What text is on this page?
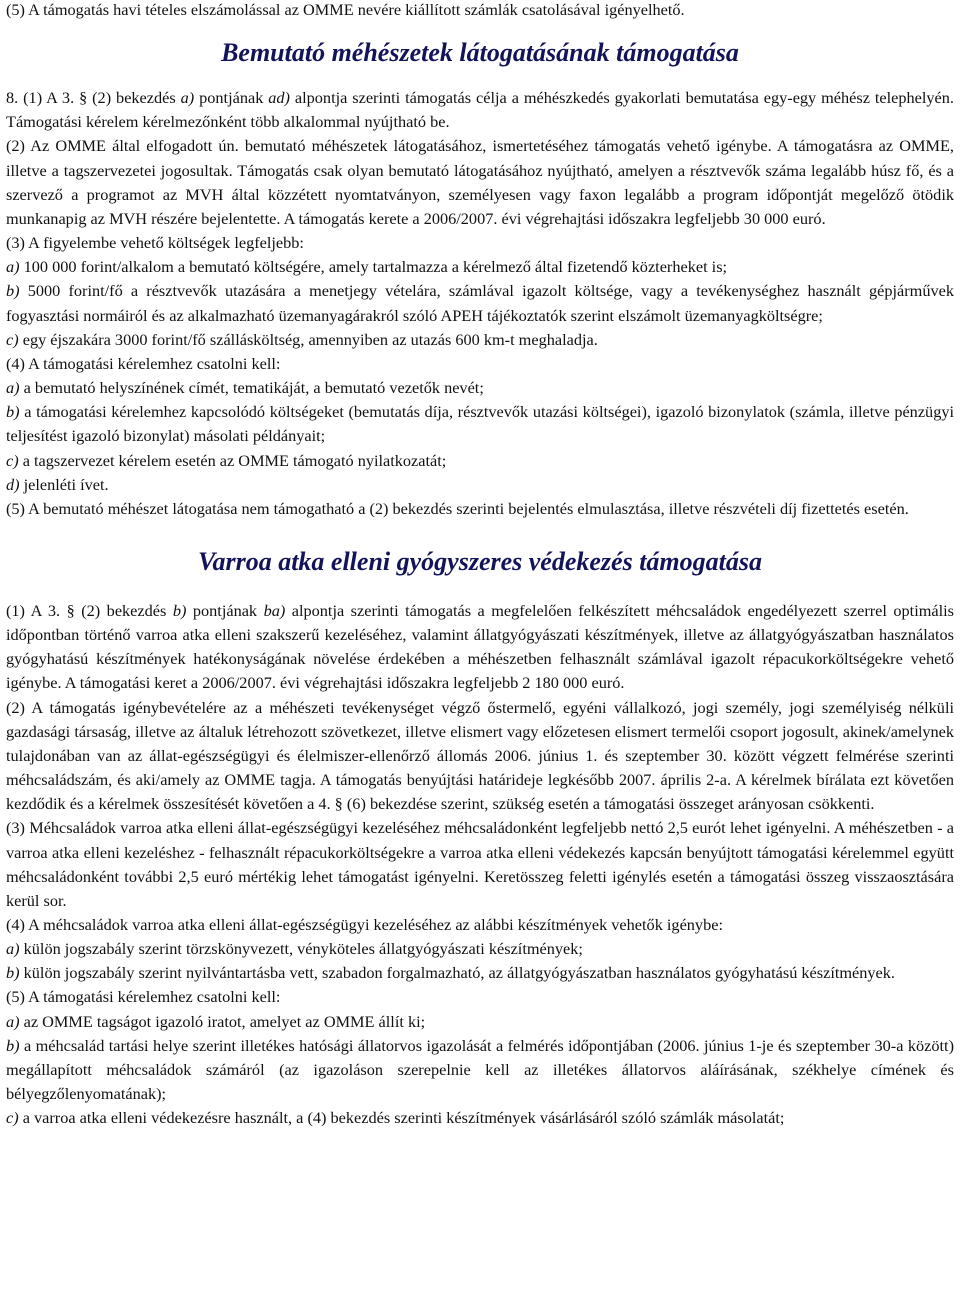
(5) A támogatás havi tételes elszámolással az OMME nevére kiállított számlák csatolásával igényelhető.

Bemutató méhészetek látogatásának támogatása

8. (1) A 3. § (2) bekezdés a) pontjának ad) alpontja szerinti támogatás célja a méhészkedés gyakorlati bemutatása egy-egy méhész telephelyén. Támogatási kérelem kérelmezőnként több alkalommal nyújtható be.

(2) Az OMME által elfogadott ún. bemutató méhészetek látogatásához, ismertetéséhez támogatás vehető igénybe. A támogatásra az OMME, illetve a tagszervezetei jogosultak. Támogatás csak olyan bemutató látogatásához nyújtható, amelyen a résztvevők száma legalább húsz fő, és a szervező a programot az MVH által közzétett nyomtatványon, személyesen vagy faxon legalább a program időpontját megelőző ötödik munkanapig az MVH részére bejelentette. A támogatás kerete a 2006/2007. évi végrehajtási időszakra legfeljebb 30 000 euró.

(3) A figyelembe vehető költségek legfeljebb:

a) 100 000 forint/alkalom a bemutató költségére, amely tartalmazza a kérelmező által fizetendő közterheket is;

b) 5000 forint/fő a résztvevők utazására a menetjegy vételára, számlával igazolt költsége, vagy a tevékenységhez használt gépjárművek fogyasztási normáiról és az alkalmazható üzemanyagárakról szóló APEH tájékoztatók szerint elszámolt üzemanyagköltségre;

c) egy éjszakára 3000 forint/fő szállásköltség, amennyiben az utazás 600 km-t meghaladja.

(4) A támogatási kérelemhez csatolni kell:

a) a bemutató helyszínének címét, tematikáját, a bemutató vezetők nevét;

b) a támogatási kérelemhez kapcsolódó költségeket (bemutatás díja, résztvevők utazási költségei), igazoló bizonylatok (számla, illetve pénzügyi teljesítést igazoló bizonylat) másolati példányait;

c) a tagszervezet kérelem esetén az OMME támogató nyilatkozatát;

d) jelenléti ívet.

(5) A bemutató méhészet látogatása nem támogatható a (2) bekezdés szerinti bejelentés elmulasztása, illetve részvételi díj fizettetés esetén.

Varroa atka elleni gyógyszeres védekezés támogatása

(1) A 3. § (2) bekezdés b) pontjának ba) alpontja szerinti támogatás a megfelelően felkészített méhcsaládok engedélyezett szerrel optimális időpontban történő varroa atka elleni szakszerű kezeléséhez, valamint állatgyógyászati készítmények, illetve az állatgyógyászatban használatos gyógyhatású készítmények hatékonyságának növelése érdekében a méhészetben felhasznált számlával igazolt répacukorköltségekre vehető igénybe. A támogatási keret a 2006/2007. évi végrehajtási időszakra legfeljebb 2 180 000 euró.

(2) A támogatás igénybevételére az a méhészeti tevékenységet végző őstermelő, egyéni vállalkozó, jogi személy, jogi személyiség nélküli gazdasági társaság, illetve az általuk létrehozott szövetkezet, illetve elismert vagy előzetesen elismert termelői csoport jogosult, akinek/amelynek tulajdonában van az állat-egészségügyi és élelmiszer-ellenőrző állomás 2006. június 1. és szeptember 30. között végzett felmérése szerinti méhcsaládszám, és aki/amely az OMME tagja. A támogatás benyújtási határideje legkésőbb 2007. április 2-a. A kérelmek bírálata ezt követően kezdődik és a kérelmek összesítését követően a 4. § (6) bekezdése szerint, szükség esetén a támogatási összeget arányosan csökkenti.

(3) Méhcsaládok varroa atka elleni állat-egészségügyi kezeléséhez méhcsaládonként legfeljebb nettó 2,5 eurót lehet igényelni. A méhészetben - a varroa atka elleni kezeléshez - felhasznált répacukorköltségekre a varroa atka elleni védekezés kapcsán benyújtott támogatási kérelemmel együtt méhcsaládonként további 2,5 euró mértékig lehet támogatást igényelni. Keretösszeg feletti igénylés esetén a támogatási összeg visszaosztására kerül sor.

(4) A méhcsaládok varroa atka elleni állat-egészségügyi kezeléséhez az alábbi készítmények vehetők igénybe:

a) külön jogszabály szerint törzskönyvezett, vényköteles állatgyógyászati készítmények;

b) külön jogszabály szerint nyilvántartásba vett, szabadon forgalmazható, az állatgyógyászatban használatos gyógyhatású készítmények.

(5) A támogatási kérelemhez csatolni kell:

a) az OMME tagságot igazoló iratot, amelyet az OMME állít ki;

b) a méhcsalád tartási helye szerint illetékes hatósági állatorvos igazolását a felmérés időpontjában (2006. június 1-je és szeptember 30-a között) megállapított méhcsaládok számáról (az igazoláson szerepelnie kell az illetékes állatorvos aláírásának, székhelye címének és bélyegzőlenyomatának);

c) a varroa atka elleni védekezésre használt, a (4) bekezdés szerinti készítmények vásárlásáról szóló számlák másolatát;
